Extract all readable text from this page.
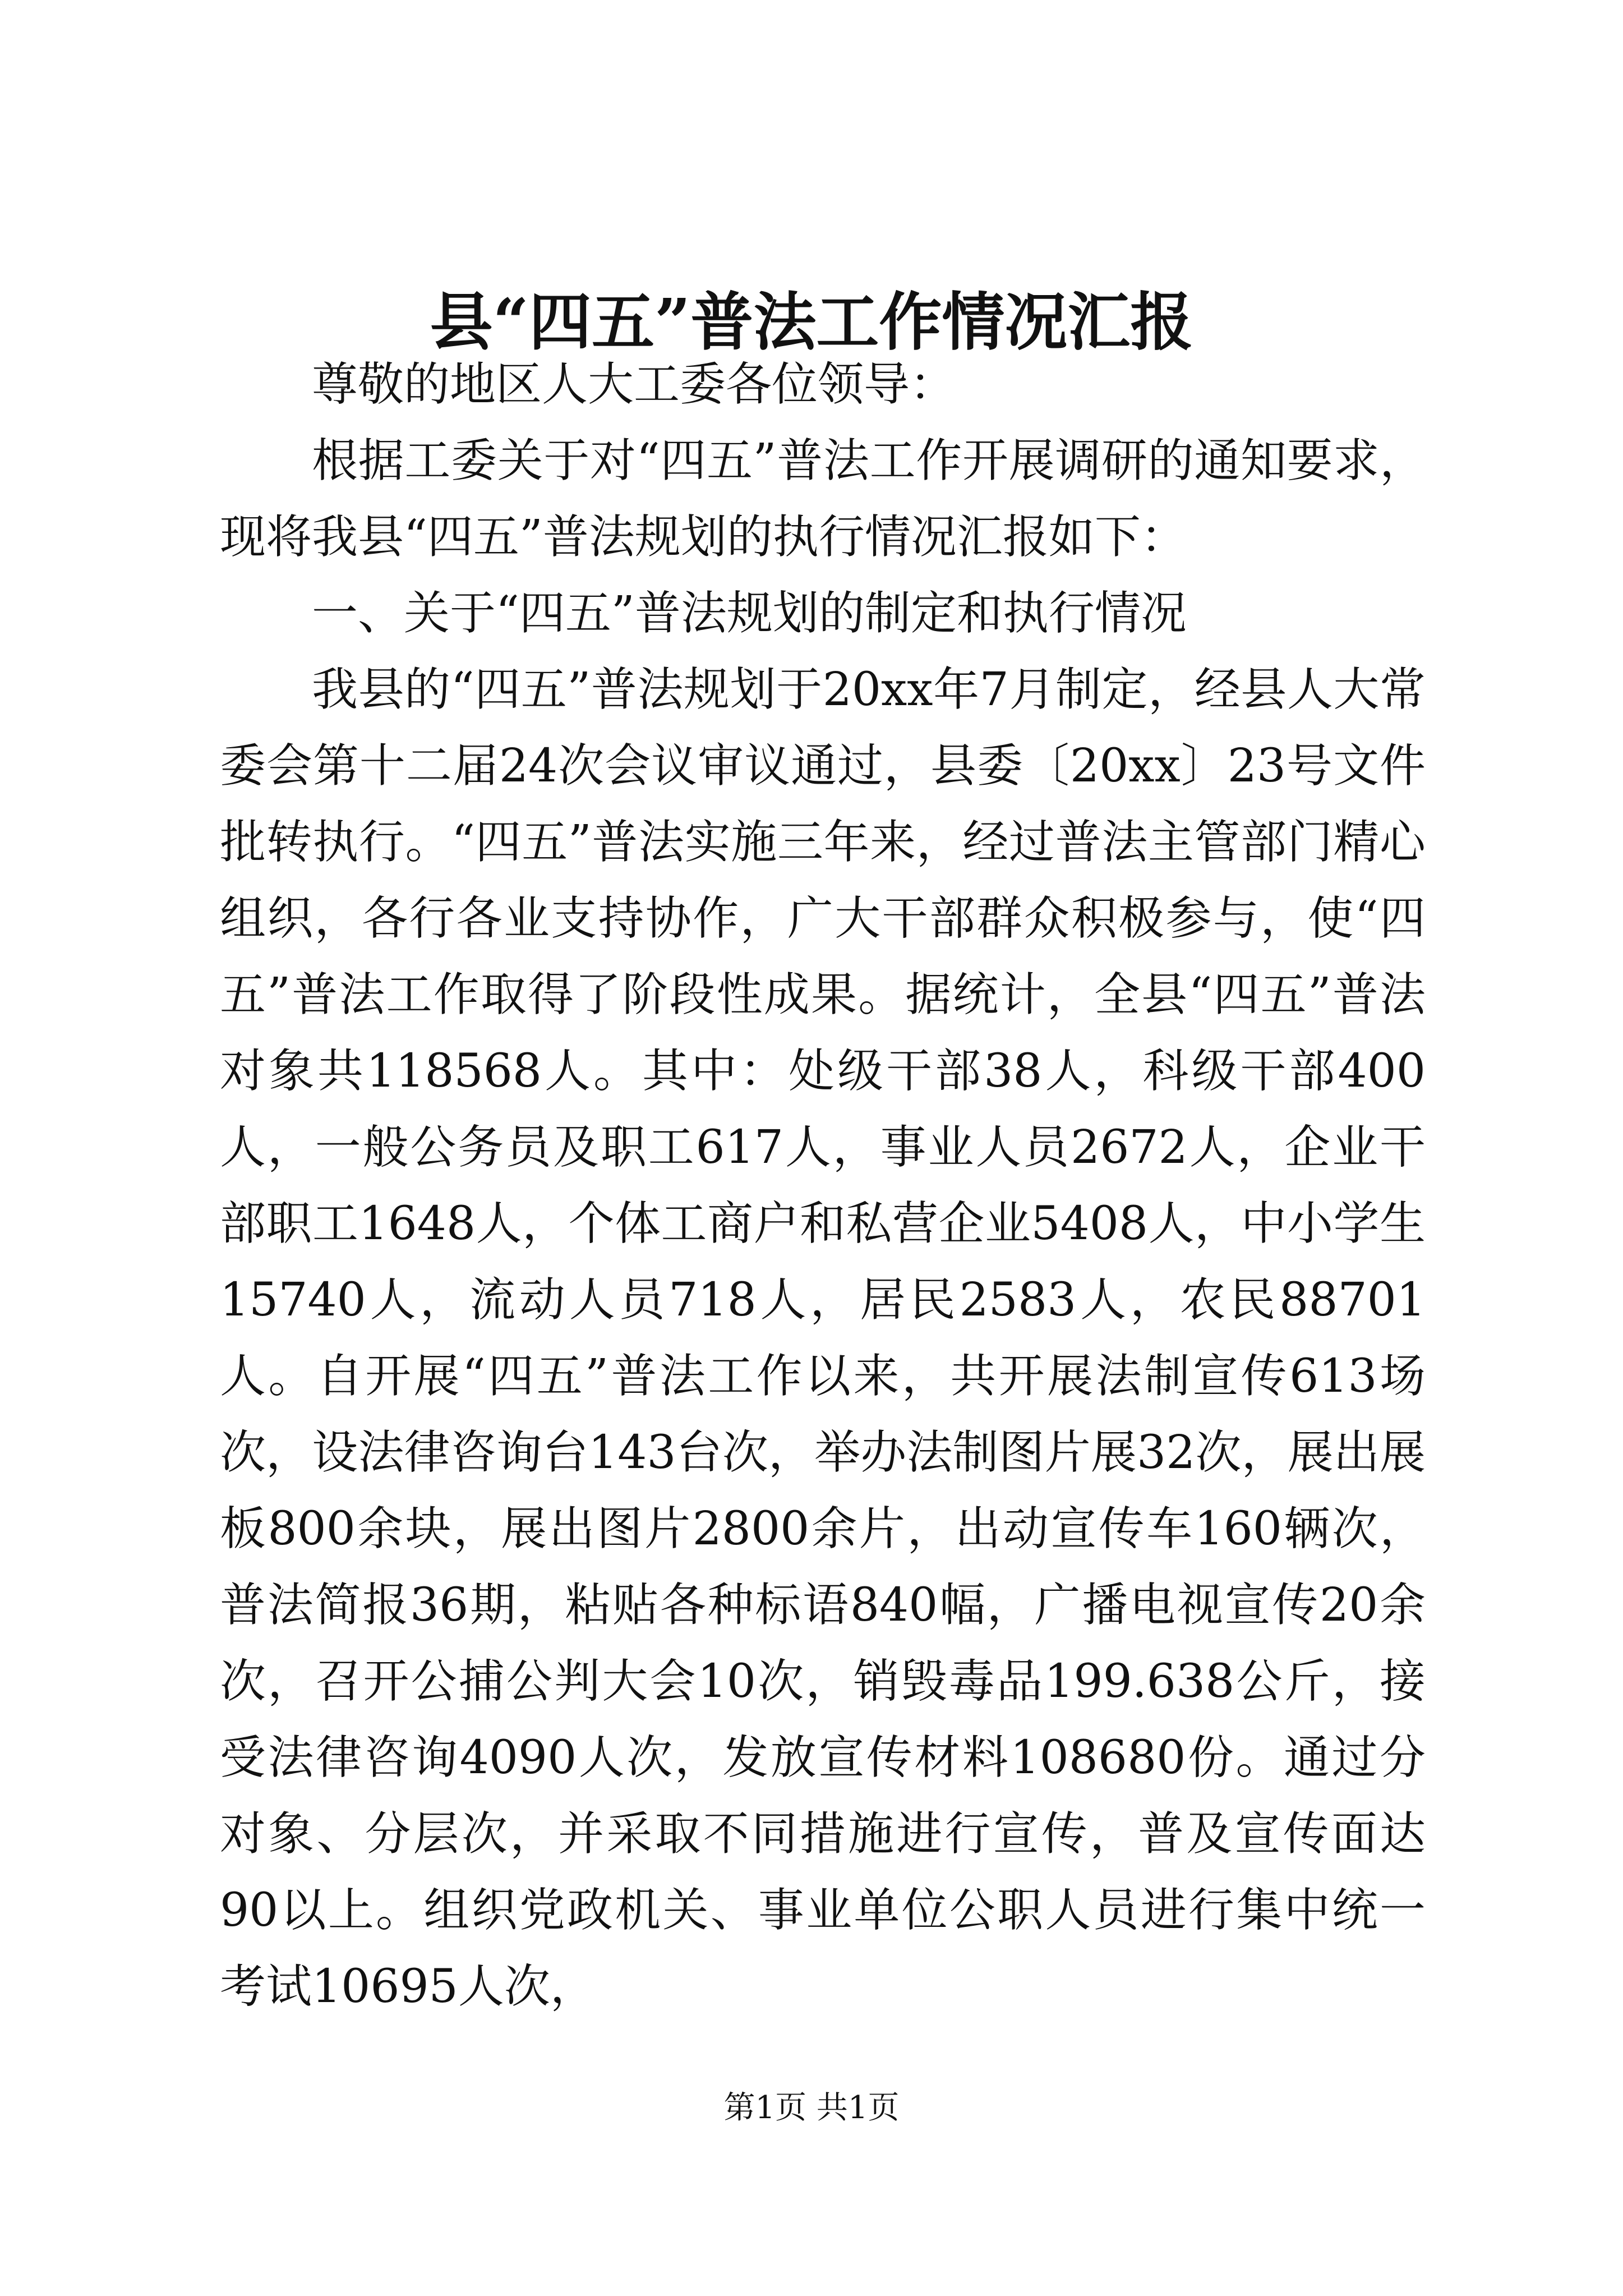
县“四五”普法工作情况汇报

尊敬的地区人大工委各位领导：

根据工委关于对“四五”普法工作开展调研的通知要求，现将我县“四五”普法规划的执行情况汇报如下：

一、关于“四五”普法规划的制定和执行情况

我县的“四五”普法规划于20xx年7月制定，经县人大常委会第十二届24次会议审议通过，县委〔20xx〕23号文件批转执行。“四五”普法实施三年来，经过普法主管部门精心组织，各行各业支持协作，广大干部群众积极参与，使“四五”普法工作取得了阶段性成果。据统计，全县“四五”普法对象共118568人。其中：处级干部38人，科级干部400人，一般公务员及职工617人，事业人员2672人，企业干部职工1648人，个体工商户和私营企业5408人，中小学生15740人，流动人员718人，居民2583人，农民88701人。自开展“四五”普法工作以来，共开展法制宣传613场次，设法律咨询台143台次，举办法制图片展32次，展出展板800余块，展出图片2800余片，出动宣传车160辆次，普法简报36期，粘贴各种标语840幅，广播电视宣传20余次，召开公捕公判大会10次，销毁毒品199.638公斤，接受法律咨询4090人次，发放宣传材料108680份。通过分对象、分层次，并采取不同措施进行宣传，普及宣传面达90以上。组织党政机关、事业单位公职人员进行集中统一考试10695人次，

第1页 共1页
